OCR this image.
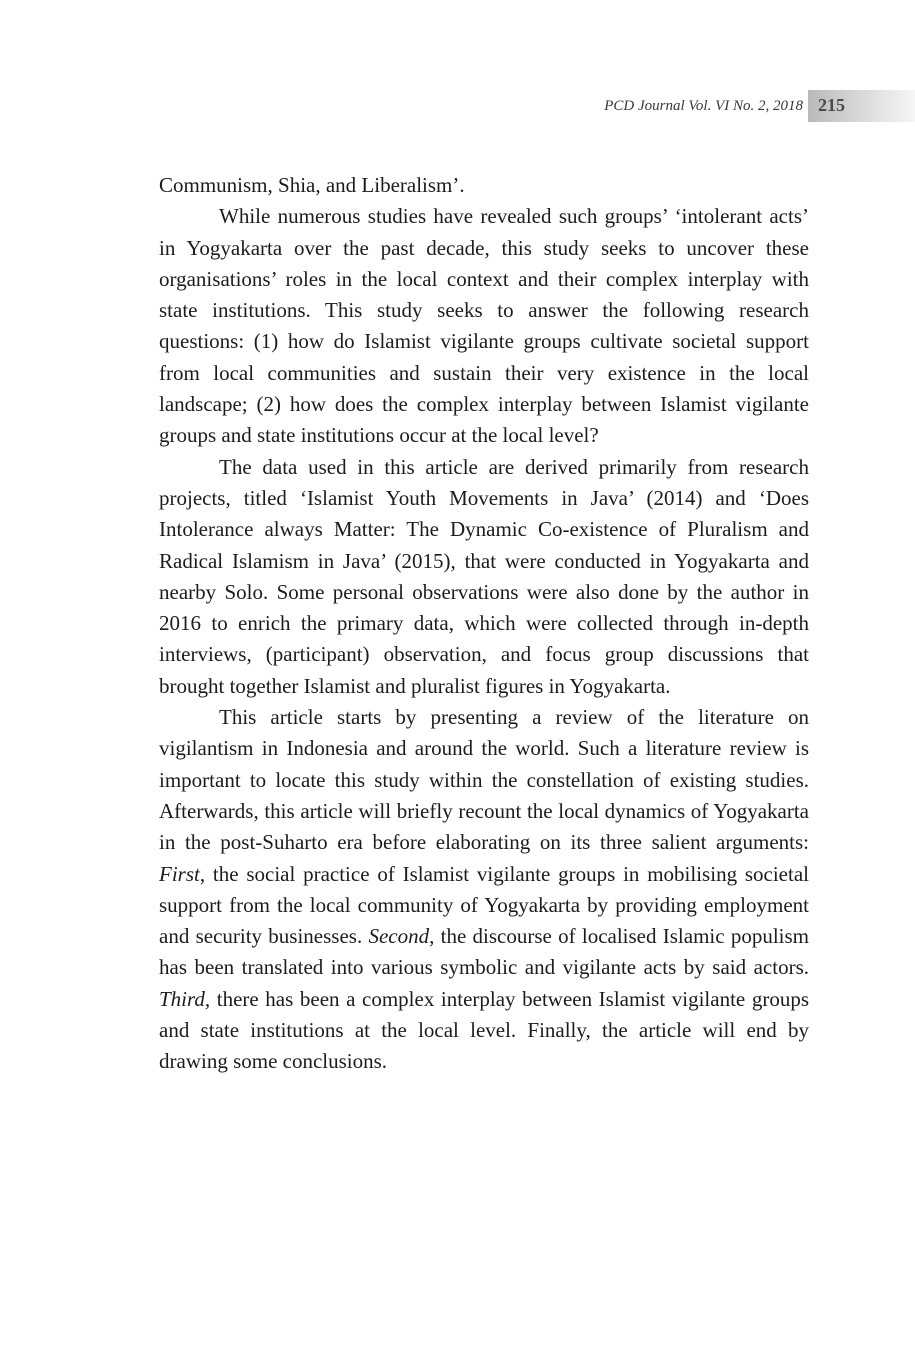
PCD Journal Vol. VI No. 2, 2018 215

Communism, Shia, and Liberalism’.

While numerous studies have revealed such groups’ ‘intolerant acts’ in Yogyakarta over the past decade, this study seeks to uncover these organisations’ roles in the local context and their complex interplay with state institutions. This study seeks to answer the following research questions: (1) how do Islamist vigilante groups cultivate societal support from local communities and sustain their very existence in the local landscape; (2) how does the complex interplay between Islamist vigilante groups and state institutions occur at the local level?

The data used in this article are derived primarily from research projects, titled ‘Islamist Youth Movements in Java’ (2014) and ‘Does Intolerance always Matter: The Dynamic Co-existence of Pluralism and Radical Islamism in Java’ (2015), that were conducted in Yogyakarta and nearby Solo. Some personal observations were also done by the author in 2016 to enrich the primary data, which were collected through in-depth interviews, (participant) observation, and focus group discussions that brought together Islamist and pluralist figures in Yogyakarta.

This article starts by presenting a review of the literature on vigilantism in Indonesia and around the world. Such a literature review is important to locate this study within the constellation of existing studies. Afterwards, this article will briefly recount the local dynamics of Yogyakarta in the post-Suharto era before elaborating on its three salient arguments: First, the social practice of Islamist vigilante groups in mobilising societal support from the local community of Yogyakarta by providing employment and security businesses. Second, the discourse of localised Islamic populism has been translated into various symbolic and vigilante acts by said actors. Third, there has been a complex interplay between Islamist vigilante groups and state institutions at the local level. Finally, the article will end by drawing some conclusions.
